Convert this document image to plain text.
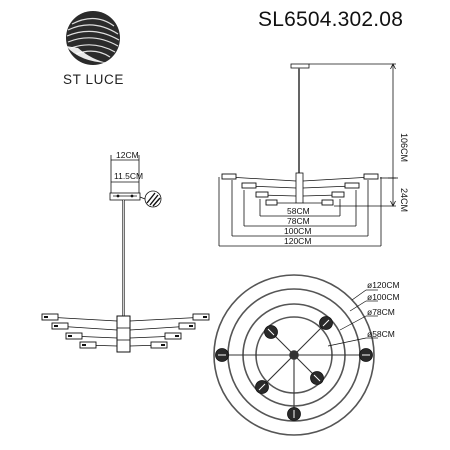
12CM
11.5CM
106CM
24CM
58CM
78CM
100CM
120CM
ø120CM
ø100CM
ø78CM
ø58CM
SL6504.302.08
ST LUCE
